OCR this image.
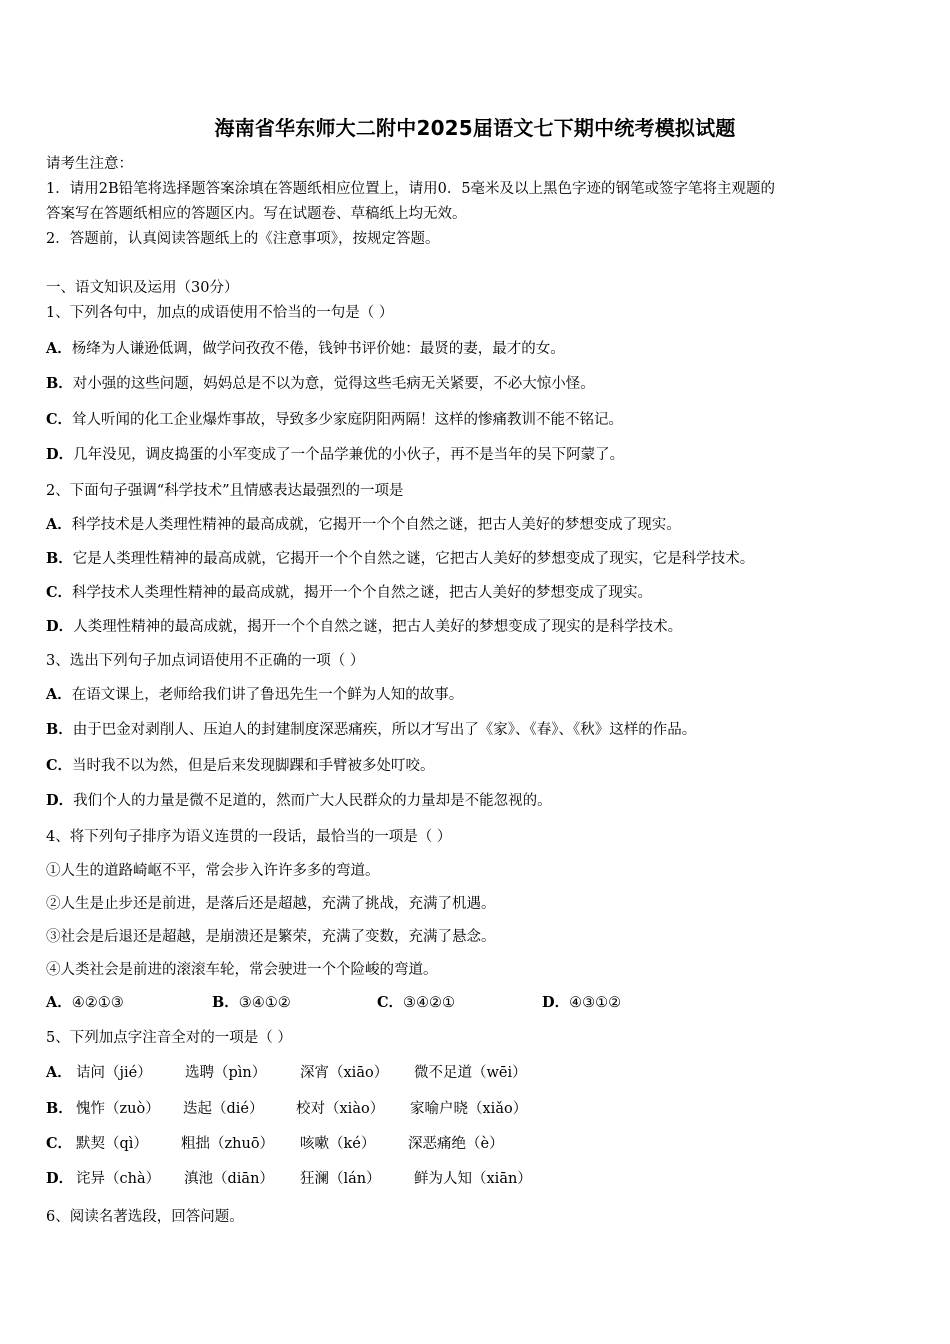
海南省华东师大二附中2025届语文七下期中统考模拟试题
请考生注意：
1．请用2B铅笔将选择题答案涂填在答题纸相应位置上，请用0．5毫米及以上黑色字迹的钢笔或签字笔将主观题的
答案写在答题纸相应的答题区内。写在试题卷、草稿纸上均无效。
2．答题前，认真阅读答题纸上的《注意事项》，按规定答题。
一、语文知识及运用（30分）
1、下列各句中，加点的成语使用不恰当的一句是（ ）
A．杨绛为人谦逊低调，做学问孜孜不倦，钱钟书评价她：最贤的妻，最才的女。
B．对小强的这些问题，妈妈总是不以为意，觉得这些毛病无关紧要，不必大惊小怪。
C．耸人听闻的化工企业爆炸事故，导致多少家庭阴阳两隔！这样的惨痛教训不能不铭记。
D．几年没见，调皮捣蛋的小军变成了一个品学兼优的小伙子，再不是当年的吴下阿蒙了。
2、下面句子强调“科学技术”且情感表达最强烈的一项是
A．科学技术是人类理性精神的最高成就，它揭开一个个自然之谜，把古人美好的梦想变成了现实。
B．它是人类理性精神的最高成就，它揭开一个个自然之谜，它把古人美好的梦想变成了现实，它是科学技术。
C．科学技术人类理性精神的最高成就，揭开一个个自然之谜，把古人美好的梦想变成了现实。
D．人类理性精神的最高成就，揭开一个个自然之谜，把古人美好的梦想变成了现实的是科学技术。
3、选出下列句子加点词语使用不正确的一项（ ）
A．在语文课上，老师给我们讲了鲁迅先生一个鲜为人知的故事。
B．由于巴金对剥削人、压迫人的封建制度深恶痛疾，所以才写出了《家》、《春》、《秋》这样的作品。
C．当时我不以为然，但是后来发现脚踝和手臂被多处叮咬。
D．我们个人的力量是微不足道的，然而广大人民群众的力量却是不能忽视的。
4、将下列句子排序为语义连贯的一段话，最恰当的一项是（ ）
①人生的道路崎岖不平，常会步入许许多多的弯道。
②人生是止步还是前进，是落后还是超越，充满了挑战，充满了机遇。
③社会是后退还是超越，是崩溃还是繁荣，充满了变数，充满了悬念。
④人类社会是前进的滚滚车轮，常会驶进一个个险峻的弯道。
A．④②①③	B．③④①②	C．③④②①	D．④③①②
5、下列加点字注音全对的一项是（ ）
A． 诘问（jié） 选聘（pìn） 深宵（xiāo） 微不足道（wēi）
B． 愧怍（zuò） 迭起（dié） 校对（xiào） 家喻户晓（xiǎo）
C． 默契（qì） 粗拙（zhuō） 咳嗽（ké） 深恶痛绝（è）
D． 诧异（chà） 滇池（diān） 狂澜（lán） 鲜为人知（xiān）
6、阅读名著选段，回答问题。
